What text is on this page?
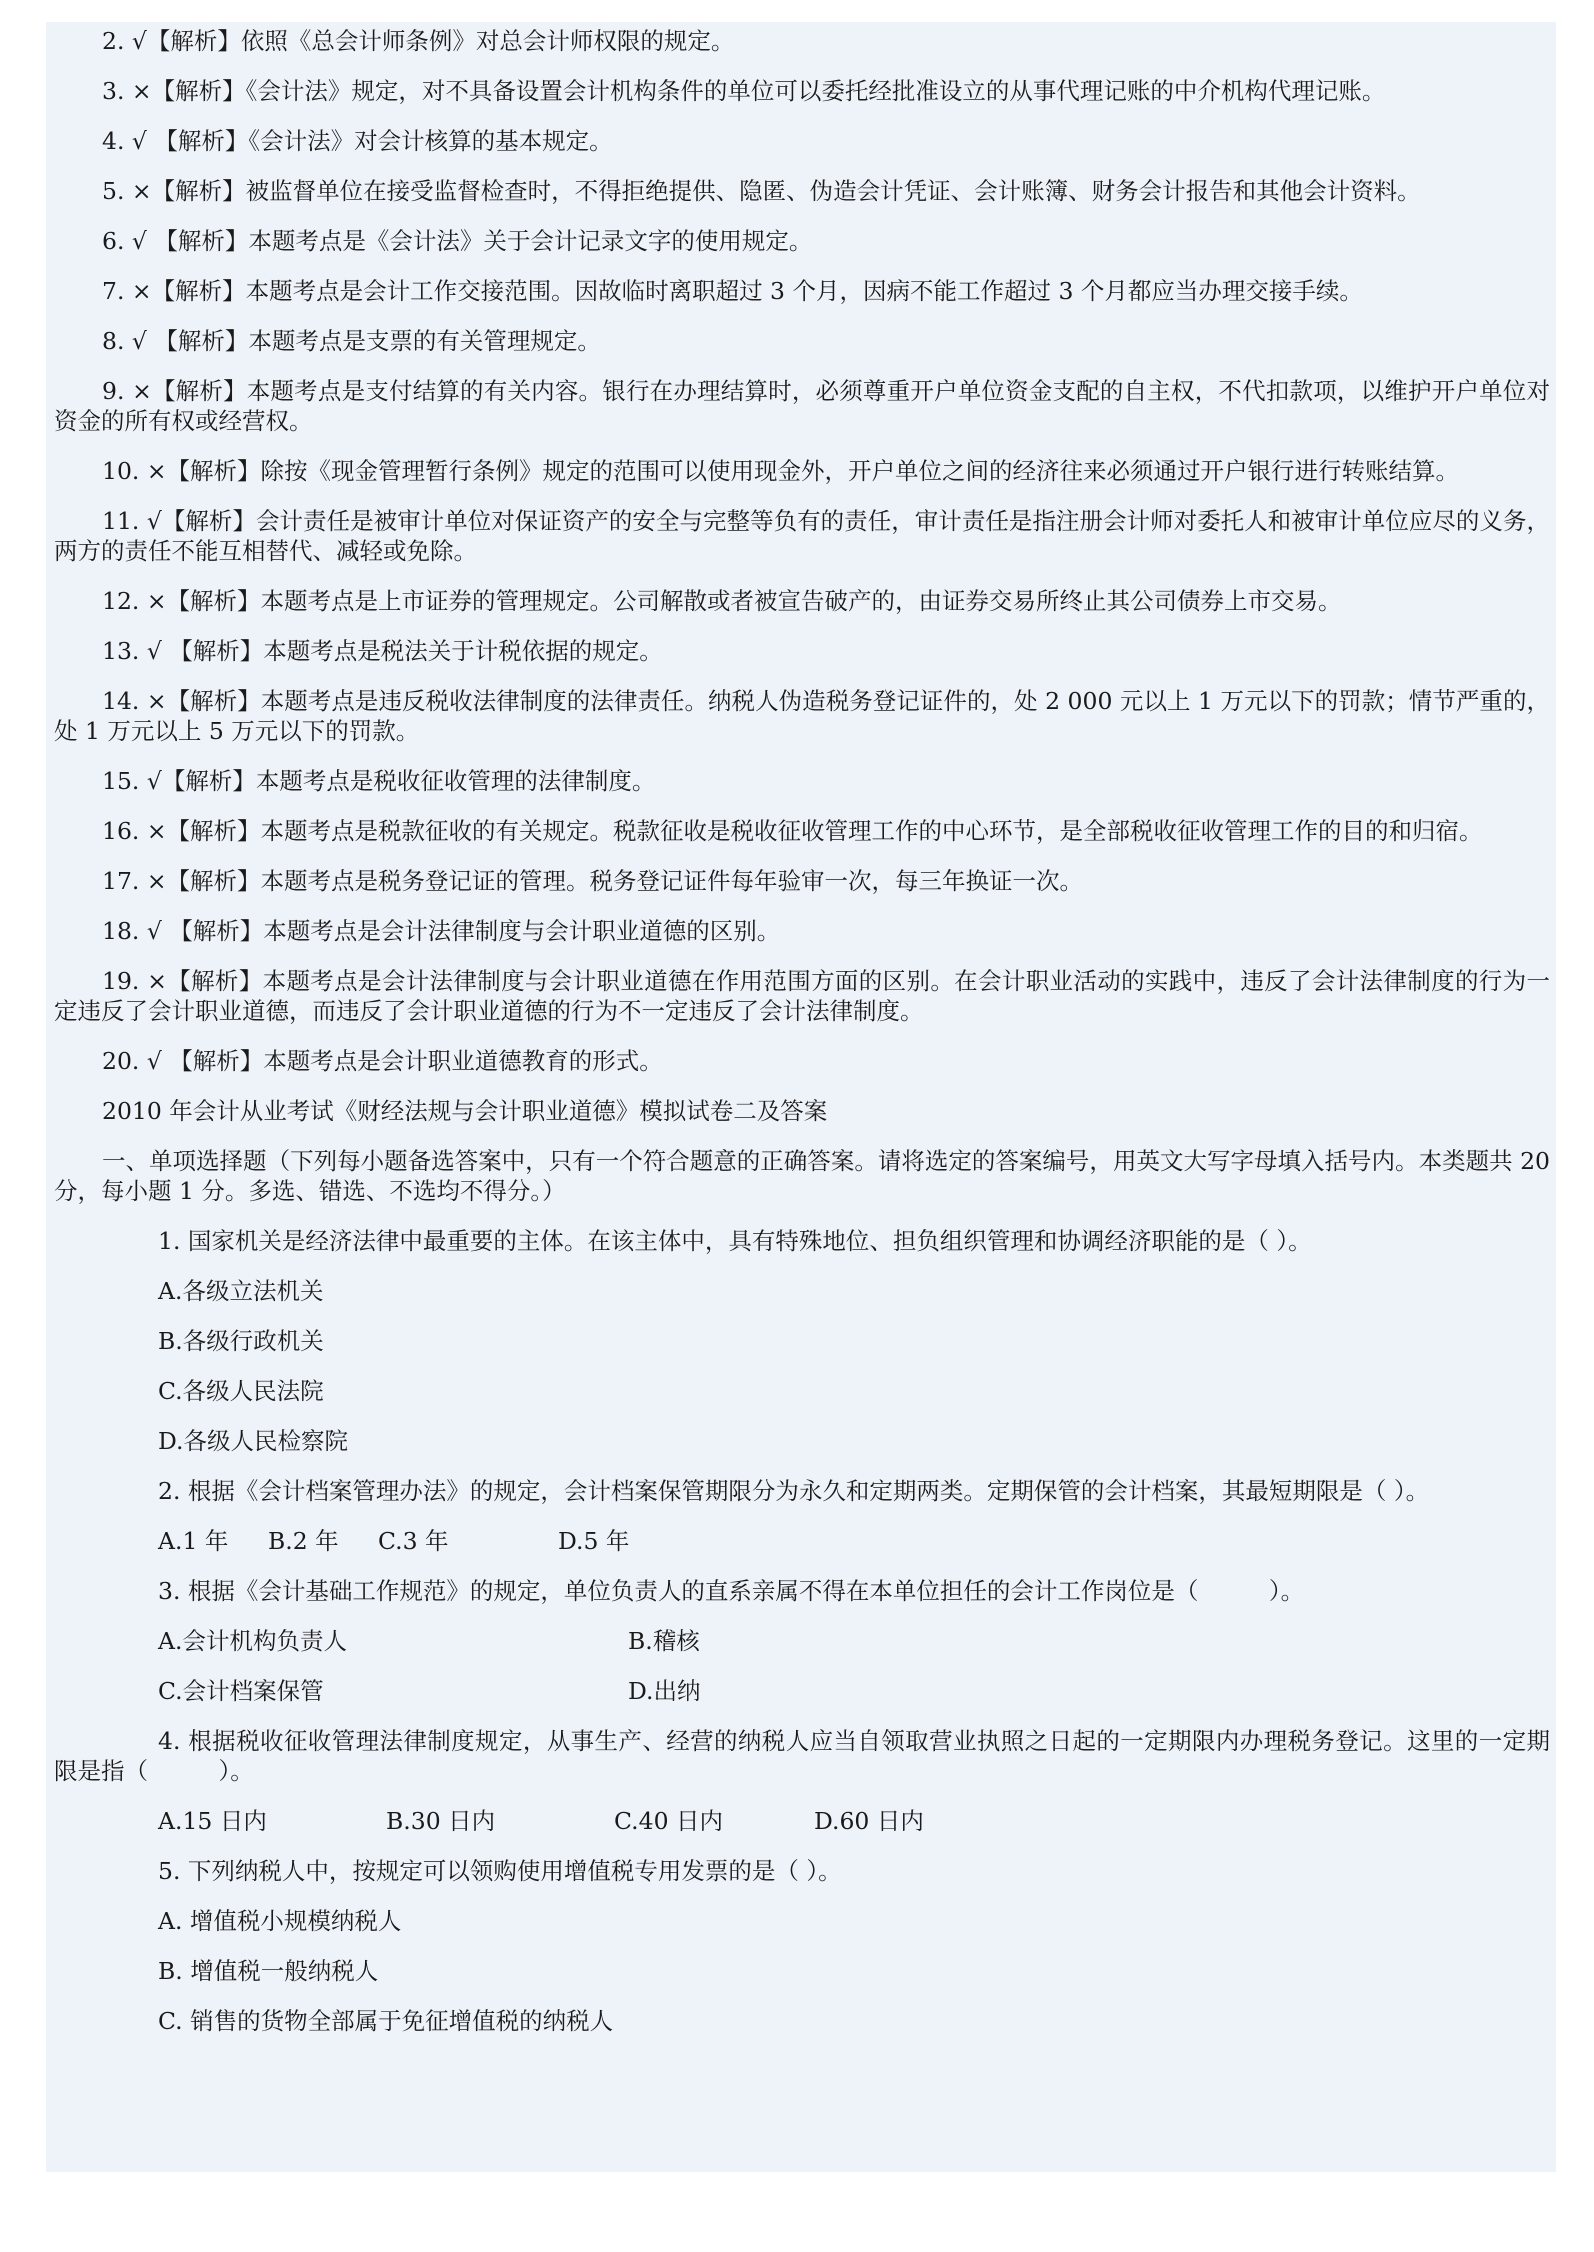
2. √【解析】依照《总会计师条例》对总会计师权限的规定。

3. ×【解析】《会计法》规定，对不具备设置会计机构条件的单位可以委托经批准设立的从事代理记账的中介机构代理记账。

4. √ 【解析】《会计法》对会计核算的基本规定。

5. ×【解析】被监督单位在接受监督检查时，不得拒绝提供、隐匿、伪造会计凭证、会计账簿、财务会计报告和其他会计资料。

6. √ 【解析】本题考点是《会计法》关于会计记录文字的使用规定。

7. ×【解析】本题考点是会计工作交接范围。因故临时离职超过 3 个月，因病不能工作超过 3 个月都应当办理交接手续。

8. √ 【解析】本题考点是支票的有关管理规定。

9. ×【解析】本题考点是支付结算的有关内容。银行在办理结算时，必须尊重开户单位资金支配的自主权，不代扣款项，以维护开户单位对资金的所有权或经营权。

10. ×【解析】除按《现金管理暂行条例》规定的范围可以使用现金外，开户单位之间的经济往来必须通过开户银行进行转账结算。

11. √【解析】会计责任是被审计单位对保证资产的安全与完整等负有的责任，审计责任是指注册会计师对委托人和被审计单位应尽的义务，两方的责任不能互相替代、减轻或免除。

12. ×【解析】本题考点是上市证券的管理规定。公司解散或者被宣告破产的，由证券交易所终止其公司债券上市交易。

13. √ 【解析】本题考点是税法关于计税依据的规定。

14. ×【解析】本题考点是违反税收法律制度的法律责任。纳税人伪造税务登记证件的，处 2 000 元以上 1 万元以下的罚款；情节严重的，处 1 万元以上 5 万元以下的罚款。

15. √【解析】本题考点是税收征收管理的法律制度。

16. ×【解析】本题考点是税款征收的有关规定。税款征收是税收征收管理工作的中心环节，是全部税收征收管理工作的目的和归宿。

17. ×【解析】本题考点是税务登记证的管理。税务登记证件每年验审一次，每三年换证一次。

18. √ 【解析】本题考点是会计法律制度与会计职业道德的区别。

19. ×【解析】本题考点是会计法律制度与会计职业道德在作用范围方面的区别。在会计职业活动的实践中，违反了会计法律制度的行为一定违反了会计职业道德，而违反了会计职业道德的行为不一定违反了会计法律制度。

20. √ 【解析】本题考点是会计职业道德教育的形式。

2010 年会计从业考试《财经法规与会计职业道德》模拟试卷二及答案

一、单项选择题（下列每小题备选答案中，只有一个符合题意的正确答案。请将选定的答案编号，用英文大写字母填入括号内。本类题共 20 分，每小题 1 分。多选、错选、不选均不得分。）

1. 国家机关是经济法律中最重要的主体。在该主体中，具有特殊地位、担负组织管理和协调经济职能的是（ ）。

A.各级立法机关
B.各级行政机关
C.各级人民法院
D.各级人民检察院

2. 根据《会计档案管理办法》的规定，会计档案保管期限分为永久和定期两类。定期保管的会计档案，其最短期限是（ ）。

A.1 年	B.2 年	C.3 年	D.5 年

3. 根据《会计基础工作规范》的规定，单位负责人的直系亲属不得在本单位担任的会计工作岗位是（　　　）。

A.会计机构负责人	B.稽核
C.会计档案保管	D.出纳

4. 根据税收征收管理法律制度规定，从事生产、经营的纳税人应当自领取营业执照之日起的一定期限内办理税务登记。这里的一定期限是指（　　　）。

A.15 日内	B.30 日内	C.40 日内	D.60 日内

5. 下列纳税人中，按规定可以领购使用增值税专用发票的是（ ）。

A. 增值税小规模纳税人
B. 增值税一般纳税人
C. 销售的货物全部属于免征增值税的纳税人
